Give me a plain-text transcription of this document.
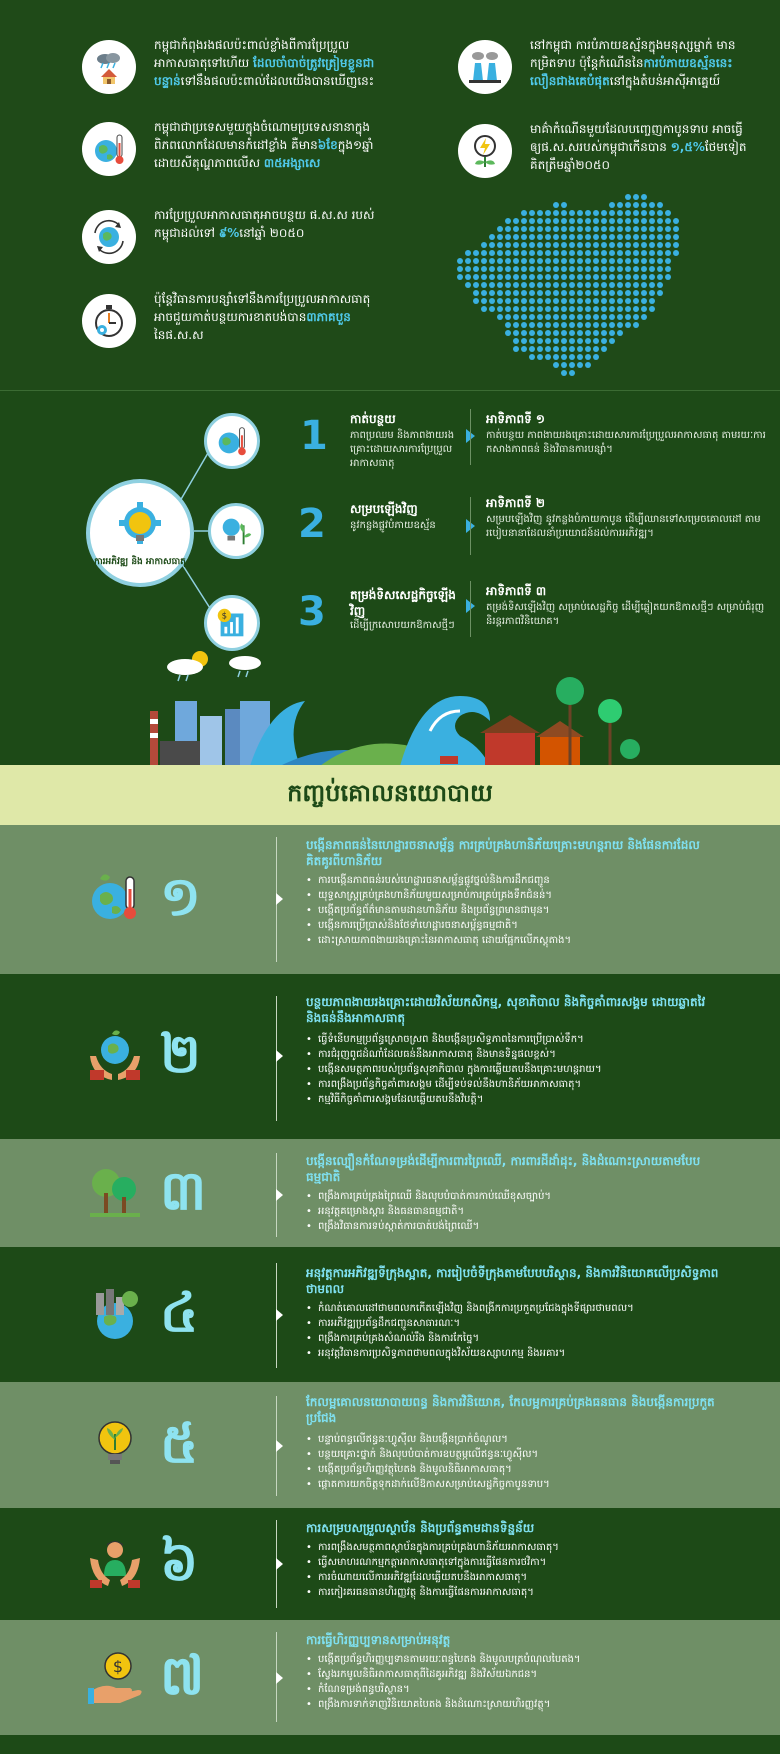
កម្ពុជាកំពុងរងផលប៉ះពាល់ខ្លាំងពីការប្រែប្រួលអាកាសធាតុទៅហើយ ដែលចាំបាច់ត្រូវត្រៀមខ្លួនជាបន្ទាន់ទៅនឹងផលប៉ះពាល់ដែលយើងបានឃើញនេះ
កម្ពុជាជាប្រទេសមួយក្នុងចំណោមប្រទេសនានាក្នុងពិភពលោកដែលមានកំដៅខ្លាំង គឺមាន៦ខែក្នុង១ឆ្នាំ ដោយសីតុណ្ហភាពលើស ៣៥អង្សាសេ
ការប្រែប្រួលអាកាសធាតុអាចបន្ថយ ផ.ស.ស របស់កម្ពុជាដល់ទៅ ៩%នៅឆ្នាំ ២០៥០
ប៉ុន្តែវិធានការបន្សាំទៅនឹងការប្រែប្រួលអាកាសធាតុអាចជួយកាត់បន្ថយការខាតបង់បាន៣ភាគបួននៃផ.ស.ស
នៅកម្ពុជា ការបំភាយឧស្ម័នក្នុងមនុស្សម្នាក់ មានកម្រិតទាប ប៉ុន្តែកំណើននៃការបំភាយឧស្ម័ននេះ លឿនជាងគេបំផុតនៅក្នុងតំបន់អាស៊ីអាគ្នេយ៍
មាគ៌ាកំណើនមួយដែលបញ្ចេញកាបូនទាប អាចធ្វើឲ្យផ.ស.សរបស់កម្ពុជាកើនបាន ១,៥%ថែមទៀត គិតត្រឹមឆ្នាំ២០៥០
ការអភិវឌ្ឍ និង អាកាសធាតុ
$
1 កាត់បន្ថយ
ភាពប្រឈម និងភាពងាយរងគ្រោះដោយសារការប្រែប្រួលអាកាសធាតុ
អាទិភាពទី ១
កាត់បន្ថយ ភាពងាយរងគ្រោះដោយសារការប្រែប្រួលអាកាសធាតុ តាមរយៈការកសាងភាពធន់ និងវិធានការបន្សាំ។
2 សម្របឡើងវិញ
នូវកន្លងផ្លូវបំភាយឧស្ម័ន
អាទិភាពទី ២
សម្របឡើងវិញ នូវកន្លងបំភាយកាបូន ដើម្បីឈានទៅសម្រេចគោលដៅ តាមរបៀបនានាដែលនាំប្រយោជន៍ដល់ការអភិវឌ្ឍ។
3 តម្រង់ទិសសេដ្ឋកិច្ចឡើងវិញ
ដើម្បីក្រសោបយកឱកាសថ្មីៗ
អាទិភាពទី ៣
តម្រង់ទិសឡើងវិញ សម្រាប់សេដ្ឋកិច្ច ដើម្បីឆ្លៀតយកឱកាសថ្មីៗ សម្រាប់ជំរុញនិរន្តរភាពវិនិយោគ។
កញ្ចប់គោលនយោបាយ
១
បង្កើនភាពធន់នៃហេដ្ឋារចនាសម្ព័ន្ធ ការគ្រប់គ្រងហានិភ័យគ្រោះមហន្តរាយ និងផែនការដែលគិតគូរពីហានិភ័យ
• ការបង្កើនភាពធន់របស់ហេដ្ឋារចនាសម្ព័ន្ធផ្លូវថ្នល់និងការដឹកជញ្ជូន
• យុទ្ធសាស្ត្រគ្រប់គ្រងហានិភ័យមួយសម្រាប់ការគ្រប់គ្រងទឹកជំនន់។
• បង្កើតប្រព័ន្ធព័ត៌មានតាមដានហានិភ័យ និងប្រព័ន្ធព្រមានជាមុន។
• បង្កើនការប្រើប្រាស់និងថែទាំហេដ្ឋារចនាសម្ព័ន្ធធម្មជាតិ។
• ដោះស្រាយភាពងាយរងគ្រោះនៃអាកាសធាតុ ដោយផ្អែកលើភស្តុតាង។
២
បន្ថយភាពងាយរងគ្រោះដោយវិស័យកសិកម្ម, សុខាភិបាល និងកិច្ចគាំពារសង្គម ដោយឆ្លាតវៃ និងធន់នឹងអាកាសធាតុ
• ធ្វើទំនើបកម្មប្រព័ន្ធស្រោចស្រព និងបង្កើនប្រសិទ្ធភាពនៃការប្រើប្រាស់ទឹក។
• ការជំរុញពូជដំណាំដែលធន់នឹងអាកាសធាតុ និងមានទិន្នផលខ្ពស់។
• បង្កើនសមត្ថភាពរបស់ប្រព័ន្ធសុខាភិបាល ក្នុងការឆ្លើយតបនឹងគ្រោះមហន្តរាយ។
• ការពង្រឹងប្រព័ន្ធកិច្ចគាំពារសង្គម ដើម្បីទប់ទល់នឹងហានិភ័យអាកាសធាតុ។
• កម្មវិធីកិច្ចគាំពារសង្គមដែលឆ្លើយតបនឹងវិបត្តិ។
៣	បង្កើនល្បឿនកំណែទម្រង់ដើម្បីការពារព្រៃឈើ, ការពារដីដាំដុះ, និងដំណោះស្រាយតាមបែបធម្មជាតិ
• ពង្រឹងការគ្រប់គ្រងព្រៃឈើ និងលុបបំបាត់ការកាប់ឈើខុសច្បាប់។
• អនុវត្តគម្រោងស្តារ និងធនធានធម្មជាតិ។
• ពង្រឹងវិធានការទប់ស្កាត់ការបាត់បង់ព្រៃឈើ។
៤
អនុវត្តការអភិវឌ្ឍទីក្រុងស្អាត, ការរៀបចំទីក្រុងតាមបែបបរិស្ថាន, និងការវិនិយោគលើប្រសិទ្ធភាពថាមពល
• កំណត់គោលដៅថាមពលកកើតឡើងវិញ និងពង្រីកការប្រកួតប្រជែងក្នុងទីផ្សារថាមពល។
• ការអភិវឌ្ឍប្រព័ន្ធដឹកជញ្ជូនសាធារណៈ។
• ពង្រឹងការគ្រប់គ្រងសំណល់រឹង និងការកែច្នៃ។
• អនុវត្តវិធានការប្រសិទ្ធភាពថាមពលក្នុងវិស័យឧស្សាហកម្ម និងអគារ។
៥
កែលម្អគោលនយោបាយពន្ធ និងការវិនិយោគ, កែលម្អការគ្រប់គ្រងធនធាន និងបង្កើនការប្រកួតប្រជែង
• បន្ទាប់ពន្ធលើឥន្ធនៈហ្វូស៊ីល និងបង្កើនប្រាក់ចំណូល។
• បន្ថយគ្រោះថ្នាក់ និងលុបបំបាត់ការឧបត្ថម្ភលើឥន្ធនៈហ្វូស៊ីល។
• បង្កើតប្រព័ន្ធហិរញ្ញវត្ថុបៃតង និងមូលនិធិអាកាសធាតុ។
• ផ្តោតការយកចិត្តទុកដាក់លើឱកាសសម្រាប់សេដ្ឋកិច្ចកាបូនទាប។
៦
ការសម្របសម្រួលស្ថាប័ន និងប្រព័ន្ធតាមដានទិន្នន័យ
• ការពង្រឹងសមត្ថភាពស្ថាប័នក្នុងការគ្រប់គ្រងហានិភ័យអាកាសធាតុ។
• ធ្វើសមាហរណកម្មកត្តាអាកាសធាតុទៅក្នុងការធ្វើផែនការថវិកា។
• ការចំណាយលើការអភិវឌ្ឍដែលឆ្លើយតបនឹងអាកាសធាតុ។
• ការកៀរគរធនធានហិរញ្ញវត្ថុ និងការធ្វើផែនការអាកាសធាតុ។
$ ៧
ការធ្វើហិរញ្ញប្បទានសម្រាប់អនុវត្ត
• បង្កើតប្រព័ន្ធហិរញ្ញប្បទានតាមរយៈពន្ធបៃតង និងមូលបត្របំណុលបៃតង។
• ស្វែងរកមូលនិធិអាកាសធាតុពីដៃគូអភិវឌ្ឍ និងវិស័យឯកជន។
• កំណែទម្រង់ពន្ធបរិស្ថាន។
• ពង្រឹងការទាក់ទាញវិនិយោគបៃតង និងដំណោះស្រាយហិរញ្ញវត្ថុ។
